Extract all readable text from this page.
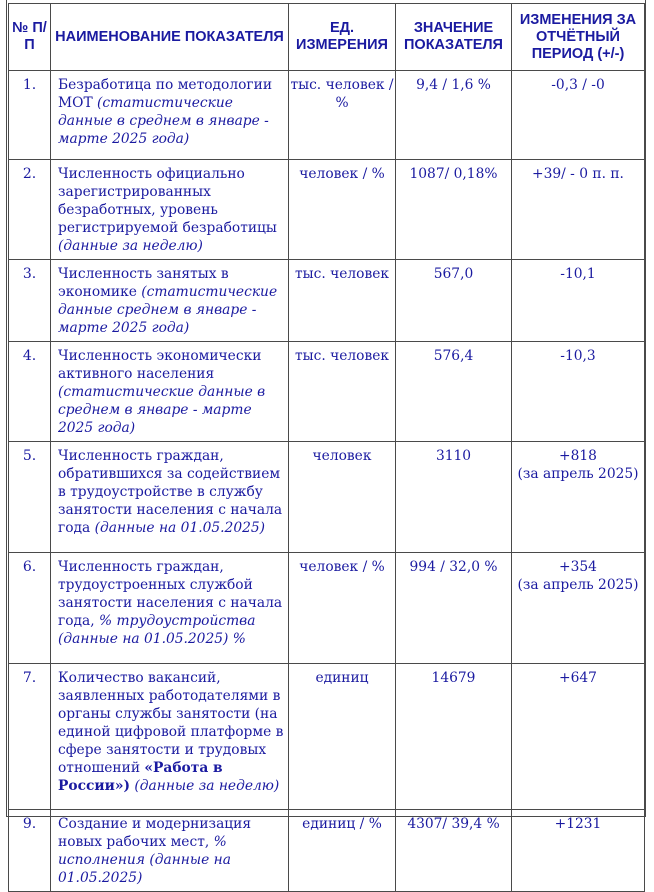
№ П/П	НАИМЕНОВАНИЕ ПОКАЗАТЕЛЯ	ЕД. ИЗМЕРЕНИЯ	ЗНАЧЕНИЕ ПОКАЗАТЕЛЯ	ИЗМЕНЕНИЯ ЗА ОТЧЁТНЫЙ ПЕРИОД (+/-)
1.	Безработица по методологии МОТ (статистические данные в среднем в январе - марте 2025 года)	тыс. человек / %	9,4 / 1,6 %	-0,3 / -0

2.	Численность официально зарегистрированных безработных, уровень регистрируемой безработицы (данные за неделю)	человек / %	1087/ 0,18%	+39/ - 0 п. п.

3.	Численность занятых в экономике (статистические данные среднем в январе - марте 2025 года)	тыс. человек	567,0	-10,1

4.	Численность экономически активного населения (статистические данные в среднем в январе - марте 2025 года)	тыс. человек	576,4	-10,3

5.	Численность граждан, обратившихся за содействием в трудоустройстве в службу занятости населения с начала года (данные на 01.05.2025)	человек	3110	+818
(за апрель 2025)

6.	Численность граждан, трудоустроенных службой занятости населения с начала года, % трудоустройства (данные на 01.05.2025) %	человек / %	994 / 32,0 %	+354
(за апрель 2025)

7.	Количество вакансий, заявленных работодателями в органы службы занятости (на единой цифровой платформе в сфере занятости и трудовых отношений «Работа в России») (данные за неделю)	единиц	14679	+647

9.	Создание и модернизация новых рабочих мест, % исполнения (данные на 01.05.2025)	единиц / %	4307/ 39,4 %	+1231
